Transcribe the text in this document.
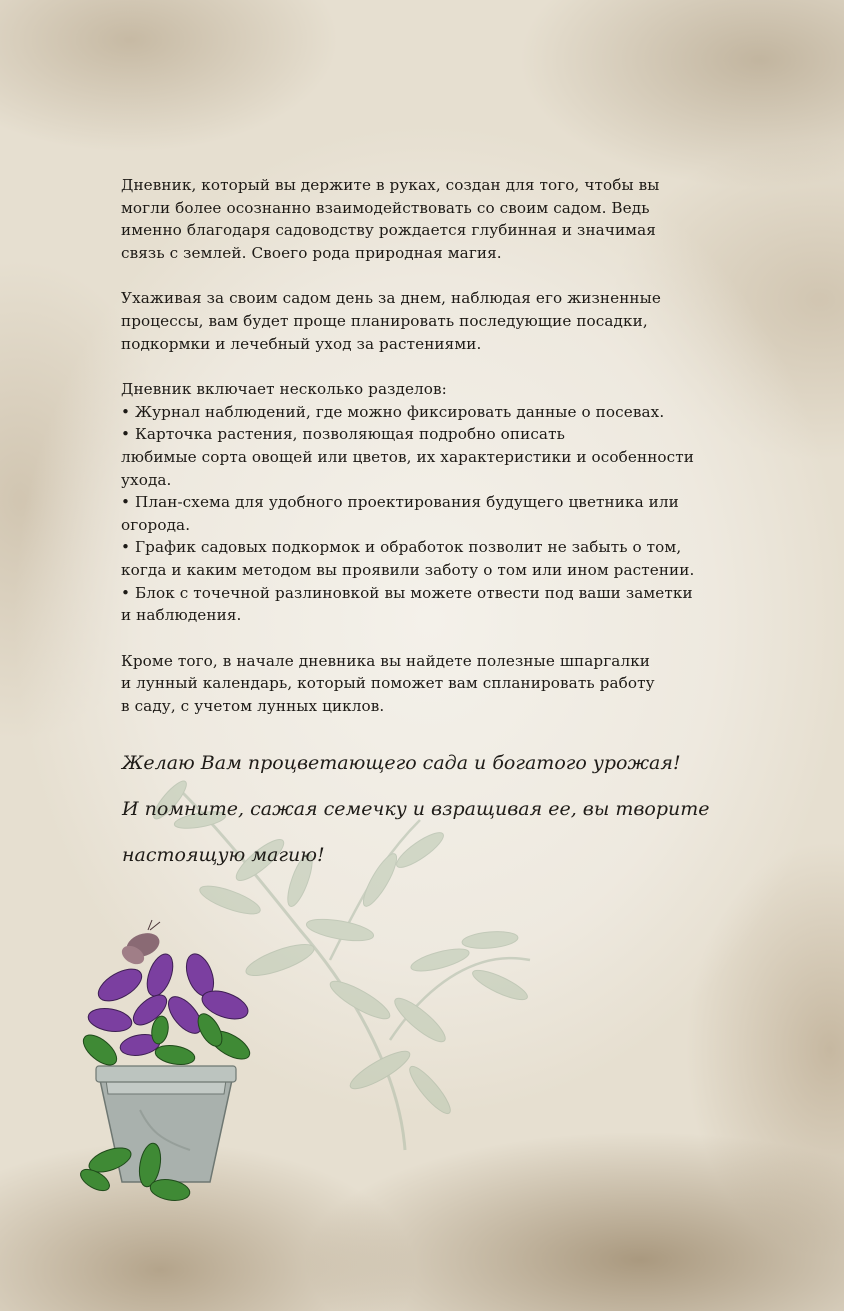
Дневник, который вы держите в руках, создан для того, чтобы вы

могли более осознанно взаимодействовать со своим садом. Ведь

именно благодаря садоводству рождается глубинная и значимая

связь с землей. Своего рода природная магия.

Ухаживая за своим садом день за днем, наблюдая его жизненные

процессы, вам будет проще планировать последующие посадки,

подкормки и лечебный уход за растениями.

Дневник включает несколько разделов:

• Журнал наблюдений, где можно фиксировать данные о посевах.

• Карточка растения, позволяющая подробно описать

любимые сорта овощей или цветов, их характеристики и особенности

ухода.

• План-схема для удобного проектирования будущего цветника или

огорода.

• График садовых подкормок и обработок позволит не забыть о том,

когда и каким методом вы проявили заботу о том или ином растении.

• Блок с точечной разлиновкой вы можете отвести под ваши заметки

и наблюдения.

Кроме того, в начале дневника вы найдете полезные шпаргалки

и лунный календарь, который поможет вам спланировать работу

в саду, с учетом лунных циклов.

Желаю Вам процветающего сада и богатого урожая!
И помните, сажая семечку и взращивая ее, вы творите
настоящую магию!
